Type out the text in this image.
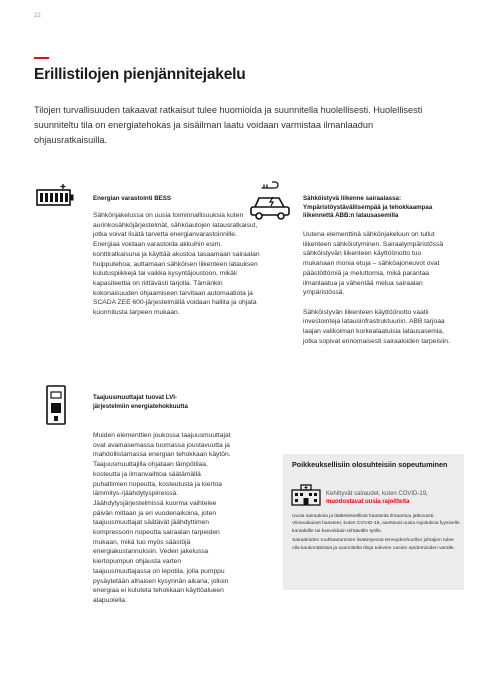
22
Erillistilojen pienjännitejakelu

Tilojen turvallisuuden takaavat ratkaisut tulee huomioida ja suunnitella huolellisesti. Huolellisesti suunniteltu tila on energiatehokas ja sisäilman laatu voidaan varmistaa ilmanlaadun ohjausratkaisuilla.

Energian varastointi BESS
Sähkönjakelussa on uusia toiminnallisuuksia kuten aurinkosähköjärjestelmät, sähköautojen latausratkaisut, jotka voivat lisätä tarvetta energianvarastoinnille. Energiaa voidaan varastoida akkuihin esim. konttiratkaisuna ja käyttää akustoa tasaamaan sairaalan huipputehoa, auttamaan sähköisen liikenteen latauksen kulutuspiikkejä tai vaikka kysyntäjoustoon, mikäli kapasiteettia on riittävästi tarjolla. Tämänkin kokonaisuuden ohjaamiseen tarvitaan automaatiota ja SCADA ZEE 600-järjestelmällä voidaan hallita ja ohjata kuormitusta tarpeen mukaan.
Sähköistyvä liikenne sairaalassa: Ympäristöystävällisempää ja tehokkaampaa liikennettä ABB:n latausasemilla

Uutena elementtinä sähkönjakeluun on tullut liikenteen sähköistyminen. Sairaalympäristössä sähköistyvän liikenteen käyttöönotto tuo mukanaan monia etuja – sähköajoneuvot ovat päästöttömiä ja meluttomia, mikä parantaa ilmanlaatua ja vähentää melua sairaalan ympäristössä.

Sähköistyvän liikenteen käyttöönotto vaatii investointeja latausinfrastruktuuriin. ABB tarjoaa laajan valikoiman korkealaatuisia latausasemia, jotka sopivat erinomaisesti sairaaloiden tarpeisiin.

Taajuusmuuttajat tuovat LVI-järjestelmiin energiatehokkuutta
Muiden elementtien joukossa taajuusmuuttajat ovat avainasemassa tuomassa joustavuutta ja mahdollistamassa energian tehokkaan käytön. Taajuusmuuttajilla ohjataan lämpötilaa, kosteutta ja ilmanvaihtoa säätämällä puhaltimien nopeutta, kosteutusta ja kiertoa lämmitys-/jäähdytyspiireissä. Jäähdytysjärjestelmissä kuorma vaihtelee päivän mittaan ja eri vuodenaikoina, joten taajuusmuuttajat säätävät jäähdyttimen kompressorin nopeutta sairaalan tarpeiden mukaan, mikä tuo myös säästöjä energiakustannuksiin. Veden jakelussa kiertopumpun ohjausta varten taajuusmuuttajassa on lepotila, jolla pumppu pysäytetään alhaisen kysynnän aikana, jolloin energiaa ei kuluteta tehokkaan käyttöalueen alapuolella.
Poikkeuksellisiin olosuhteisiin sopeutuminen
Kehittyvät sairaudet, kuten COVID-19,
muodostavat uusia rajoitteita

Uusia sairauksia ja lääketieteellisiä haasteita ilmaantuu jatkuvasti. Viimeaikaiset haasteet, kuten COVID-19, asettavat uusia rajoituksia fyysiselle kontaktille tai kasvokkain tehtävälle työlle.

Sairaaloiden ruuhkautumisen lisääntyessä terveydenhuollon johtajien tulee olla kaukonäköisiä ja suunnitella tiloja tulevien uusien epidemioiden varalle.
